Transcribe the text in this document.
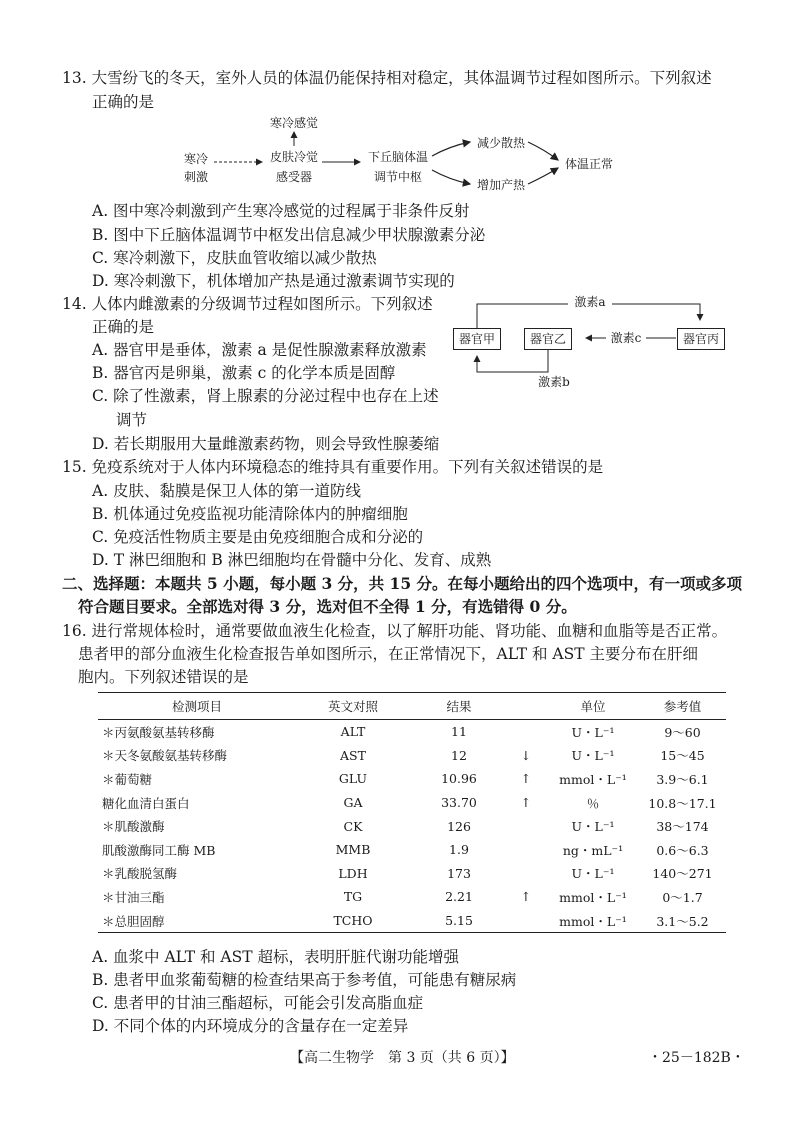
13. 大雪纷飞的冬天，室外人员的体温仍能保持相对稳定，其体温调节过程如图所示。下列叙述
正确的是
寒冷感觉
寒冷
刺激
皮肤冷觉
感受器
下丘脑体温
调节中枢
减少散热
增加产热
体温正常
A. 图中寒冷刺激到产生寒冷感觉的过程属于非条件反射
B. 图中下丘脑体温调节中枢发出信息减少甲状腺激素分泌
C. 寒冷刺激下，皮肤血管收缩以减少散热
D. 寒冷刺激下，机体增加产热是通过激素调节实现的
14. 人体内雌激素的分级调节过程如图所示。下列叙述
正确的是
A. 器官甲是垂体，激素 a 是促性腺激素释放激素
B. 器官丙是卵巢，激素 c 的化学本质是固醇
C. 除了性激素，肾上腺素的分泌过程中也存在上述
调节
D. 若长期服用大量雌激素药物，则会导致性腺萎缩
器官甲	器官乙	器官丙
激素a
激素c
激素b
15. 免疫系统对于人体内环境稳态的维持具有重要作用。下列有关叙述错误的是
A. 皮肤、黏膜是保卫人体的第一道防线
B. 机体通过免疫监视功能清除体内的肿瘤细胞
C. 免疫活性物质主要是由免疫细胞合成和分泌的
D. T 淋巴细胞和 B 淋巴细胞均在骨髓中分化、发育、成熟
二、选择题：本题共 5 小题，每小题 3 分，共 15 分。在每小题给出的四个选项中，有一项或多项
符合题目要求。全部选对得 3 分，选对但不全得 1 分，有选错得 0 分。
16. 进行常规体检时，通常要做血液生化检查，以了解肝功能、肾功能、血糖和血脂等是否正常。
患者甲的部分血液生化检查报告单如图所示，在正常情况下，ALT 和 AST 主要分布在肝细
胞内。下列叙述错误的是
检测项目	英文对照	结果		单位	参考值
＊丙氨酸氨基转移酶	ALT	11		U・L⁻¹	9～60
＊天冬氨酸氨基转移酶	AST	12	↓	U・L⁻¹	15～45
＊葡萄糖	GLU	10.96	↑	mmol・L⁻¹	3.9～6.1
糖化血清白蛋白	GA	33.70	↑	％	10.8～17.1
＊肌酸激酶	CK	126		U・L⁻¹	38～174
肌酸激酶同工酶 MB	MMB	1.9		ng・mL⁻¹	0.6～6.3
＊乳酸脱氢酶	LDH	173		U・L⁻¹	140～271
＊甘油三酯	TG	2.21	↑	mmol・L⁻¹	0～1.7
＊总胆固醇	TCHO	5.15		mmol・L⁻¹	3.1～5.2
A. 血浆中 ALT 和 AST 超标，表明肝脏代谢功能增强
B. 患者甲血浆葡萄糖的检查结果高于参考值，可能患有糖尿病
C. 患者甲的甘油三酯超标，可能会引发高脂血症
D. 不同个体的内环境成分的含量存在一定差异
【高二生物学　第 3 页（共 6 页）】	・25－182B・
